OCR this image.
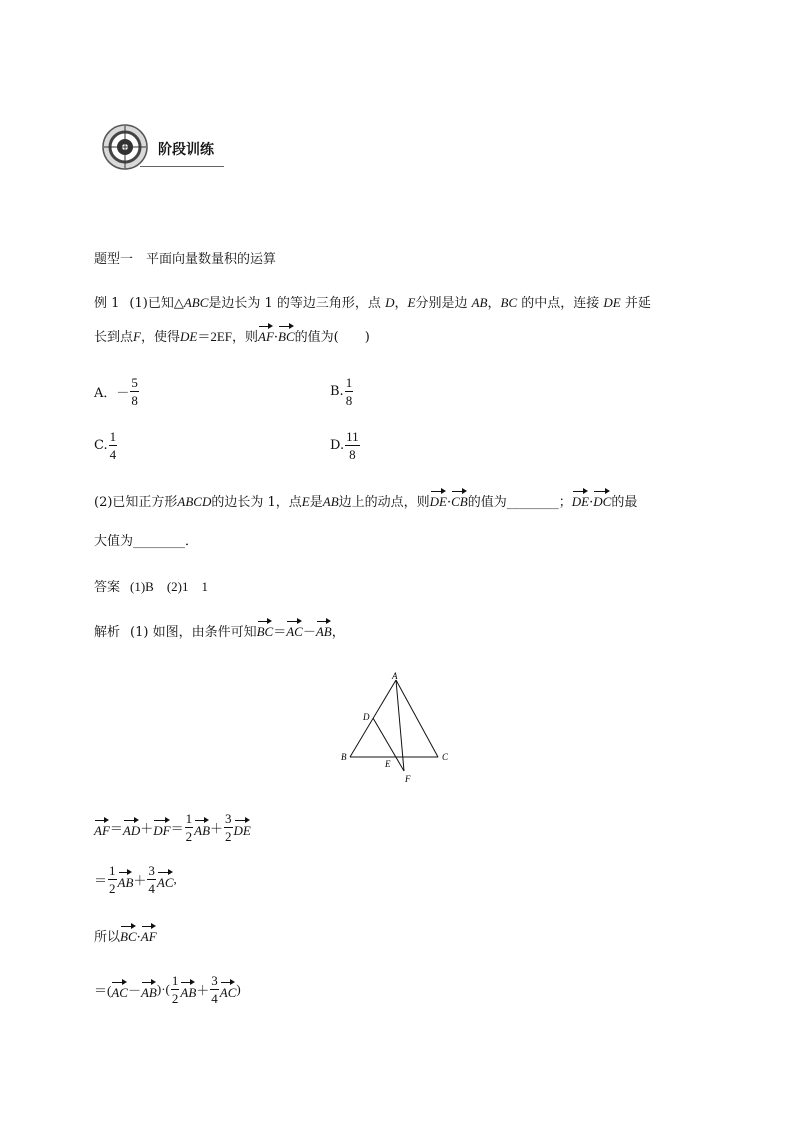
阶段训练
题型一　平面向量数量积的运算
例 1 (1)已知△ABC是边长为 1 的等边三角形，点 D，E分别是边 AB，BC 的中点，连接 DE 并延
长到点F，使得DE＝2EF，则AF·BC的值为(　　)
A．－ $\frac{5}{8}$	B. $\frac{1}{8}$
C. $\frac{1}{4}$	D. $\frac{11}{8}$
(2)已知正方形ABCD的边长为 1，点E是AB边上的动点，则DE·CB的值为________；DE·DC的最
大值为________．
答案 (1)B　(2)1　1
解析 (1) 如图，由条件可知BC＝AC－AB，
A
B	C
D
E
F
$AF=AD+DF= \frac{1}{2} AB+ \frac{3}{2}$ DE
＝ $\frac{1}{2} AB+ \frac{3}{4}$ AC,
所以BC·AF
$=(AC-AB)\cdot( \frac{1}{2} AB+ \frac{3}{4} AC)$
